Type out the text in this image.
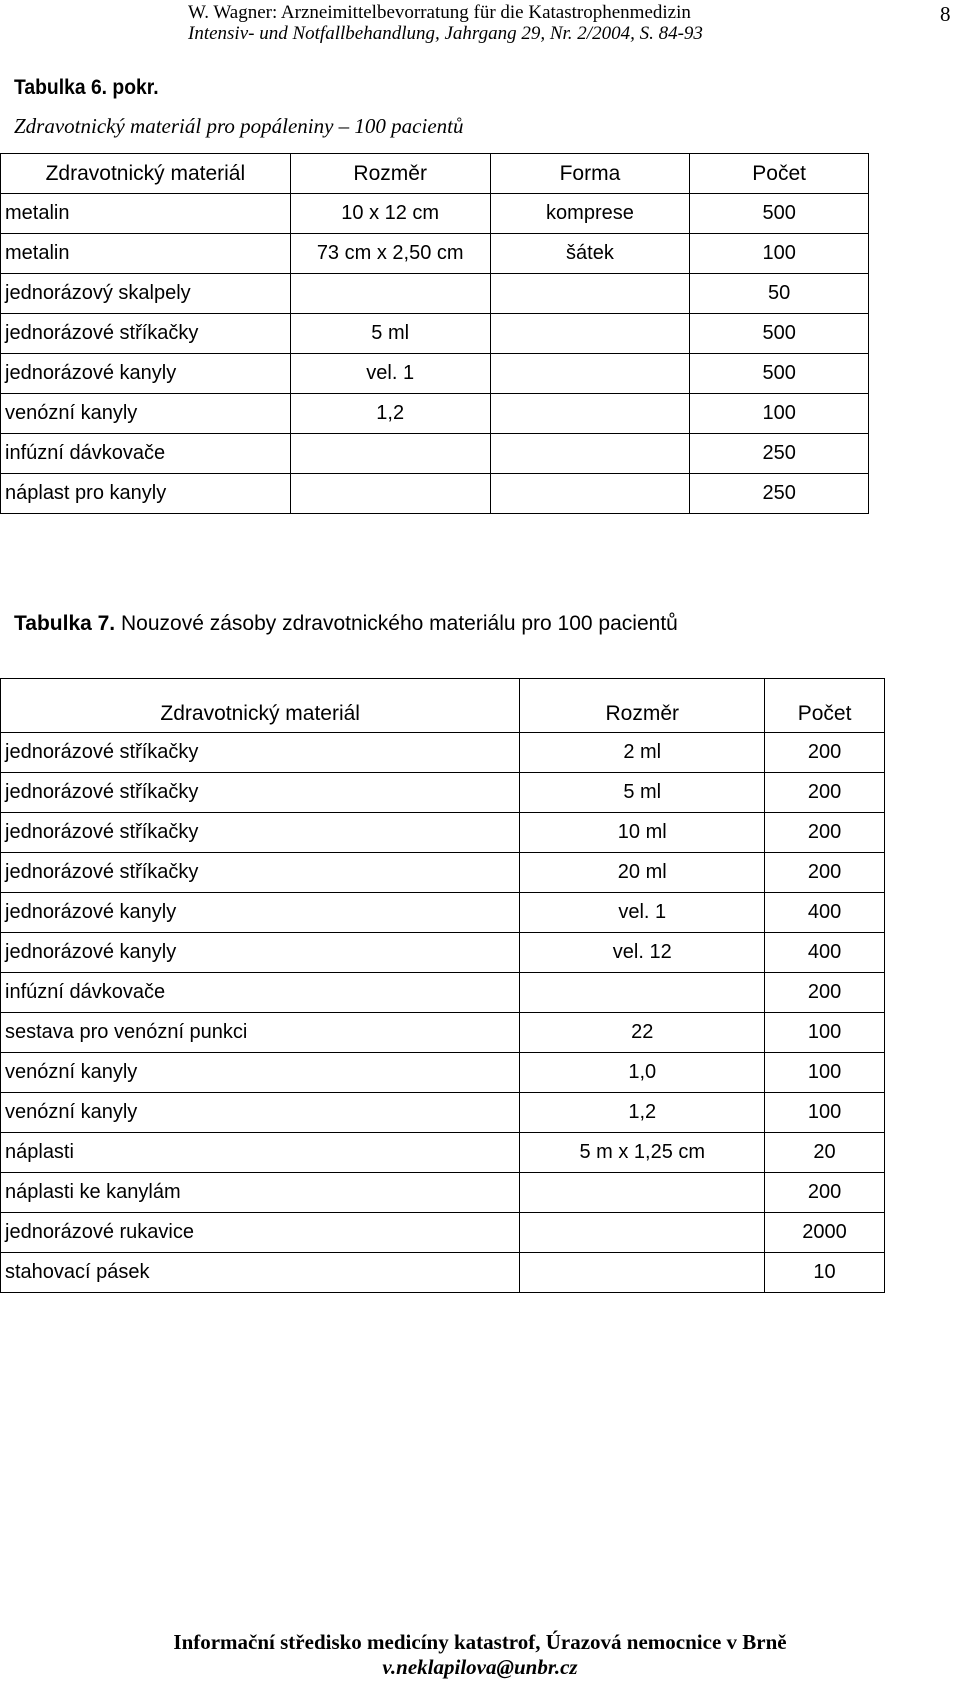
W. Wagner: Arzneimittelbevorratung für die Katastrophenmedizin
Intensiv- und Notfallbehandlung, Jahrgang 29, Nr. 2/2004, S. 84-93
8
Tabulka 6. pokr.
Zdravotnický materiál pro popáleniny – 100 pacientů
Zdravotnický materiál	Rozměr	Forma	Počet
metalin	10 x 12 cm	komprese	500
metalin	73 cm x 2,50 cm	šátek	100
jednorázový skalpely			50
jednorázové stříkačky	5 ml		500
jednorázové kanyly	vel. 1		500
venózní kanyly	1,2		100
infúzní dávkovače			250
náplast pro kanyly			250
Tabulka 7. Nouzové zásoby zdravotnického materiálu pro 100 pacientů
Zdravotnický materiál	Rozměr	Počet
jednorázové stříkačky	2 ml	200
jednorázové stříkačky	5 ml	200
jednorázové stříkačky	10 ml	200
jednorázové stříkačky	20 ml	200
jednorázové kanyly	vel. 1	400
jednorázové kanyly	vel. 12	400
infúzní dávkovače		200
sestava pro venózní punkci	22	100
venózní kanyly	1,0	100
venózní kanyly	1,2	100
náplasti	5 m x 1,25 cm	20
náplasti ke kanylám		200
jednorázové rukavice		2000
stahovací pásek		10
Informační středisko medicíny katastrof, Úrazová nemocnice v Brně
v.neklapilova@unbr.cz
